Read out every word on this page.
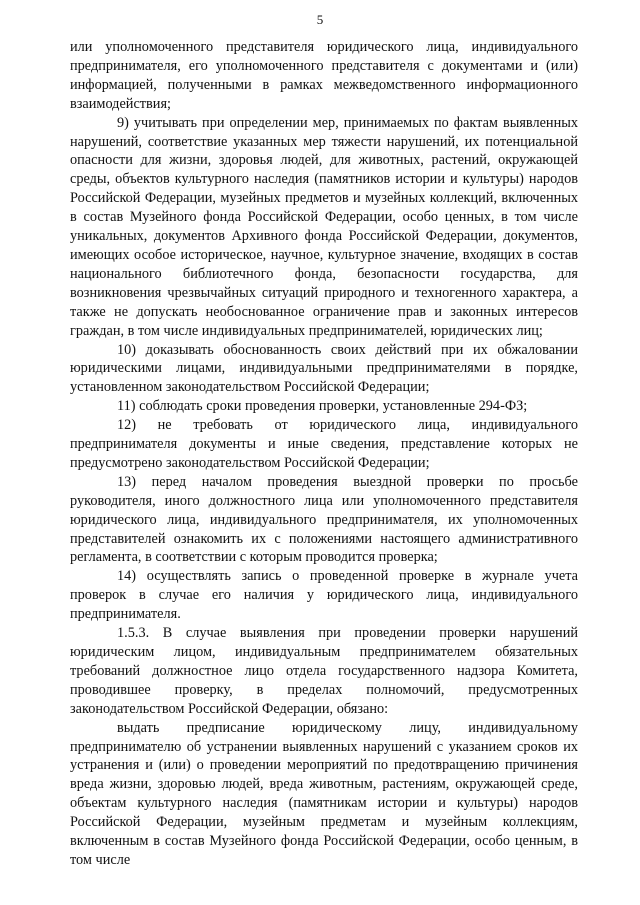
5

или уполномоченного представителя юридического лица, индивидуального предпринимателя, его уполномоченного представителя с документами и (или) информацией, полученными в рамках межведомственного информационного взаимодействия;

9) учитывать при определении мер, принимаемых по фактам выявленных нарушений, соответствие указанных мер тяжести нарушений, их потенциальной опасности для жизни, здоровья людей, для животных, растений, окружающей среды, объектов культурного наследия (памятников истории и культуры) народов Российской Федерации, музейных предметов и музейных коллекций, включенных в состав Музейного фонда Российской Федерации, особо ценных, в том числе уникальных, документов Архивного фонда Российской Федерации, документов, имеющих особое историческое, научное, культурное значение, входящих в состав национального библиотечного фонда, безопасности государства, для возникновения чрезвычайных ситуаций природного и техногенного характера, а также не допускать необоснованное ограничение прав и законных интересов граждан, в том числе индивидуальных предпринимателей, юридических лиц;

10) доказывать обоснованность своих действий при их обжаловании юридическими лицами, индивидуальными предпринимателями в порядке, установленном законодательством Российской Федерации;

11) соблюдать сроки проведения проверки, установленные 294-ФЗ;

12) не требовать от юридического лица, индивидуального предпринимателя документы и иные сведения, представление которых не предусмотрено законодательством Российской Федерации;

13) перед началом проведения выездной проверки по просьбе руководителя, иного должностного лица или уполномоченного представителя юридического лица, индивидуального предпринимателя, их уполномоченных представителей ознакомить их с положениями настоящего административного регламента, в соответствии с которым проводится проверка;

14) осуществлять запись о проведенной проверке в журнале учета проверок в случае его наличия у юридического лица, индивидуального предпринимателя.

1.5.3. В случае выявления при проведении проверки нарушений юридическим лицом, индивидуальным предпринимателем обязательных требований должностное лицо отдела государственного надзора Комитета, проводившее проверку, в пределах полномочий, предусмотренных законодательством Российской Федерации, обязано:

выдать предписание юридическому лицу, индивидуальному предпринимателю об устранении выявленных нарушений с указанием сроков их устранения и (или) о проведении мероприятий по предотвращению причинения вреда жизни, здоровью людей, вреда животным, растениям, окружающей среде, объектам культурного наследия (памятникам истории и культуры) народов Российской Федерации, музейным предметам и музейным коллекциям, включенным в состав Музейного фонда Российской Федерации, особо ценным, в том числе
